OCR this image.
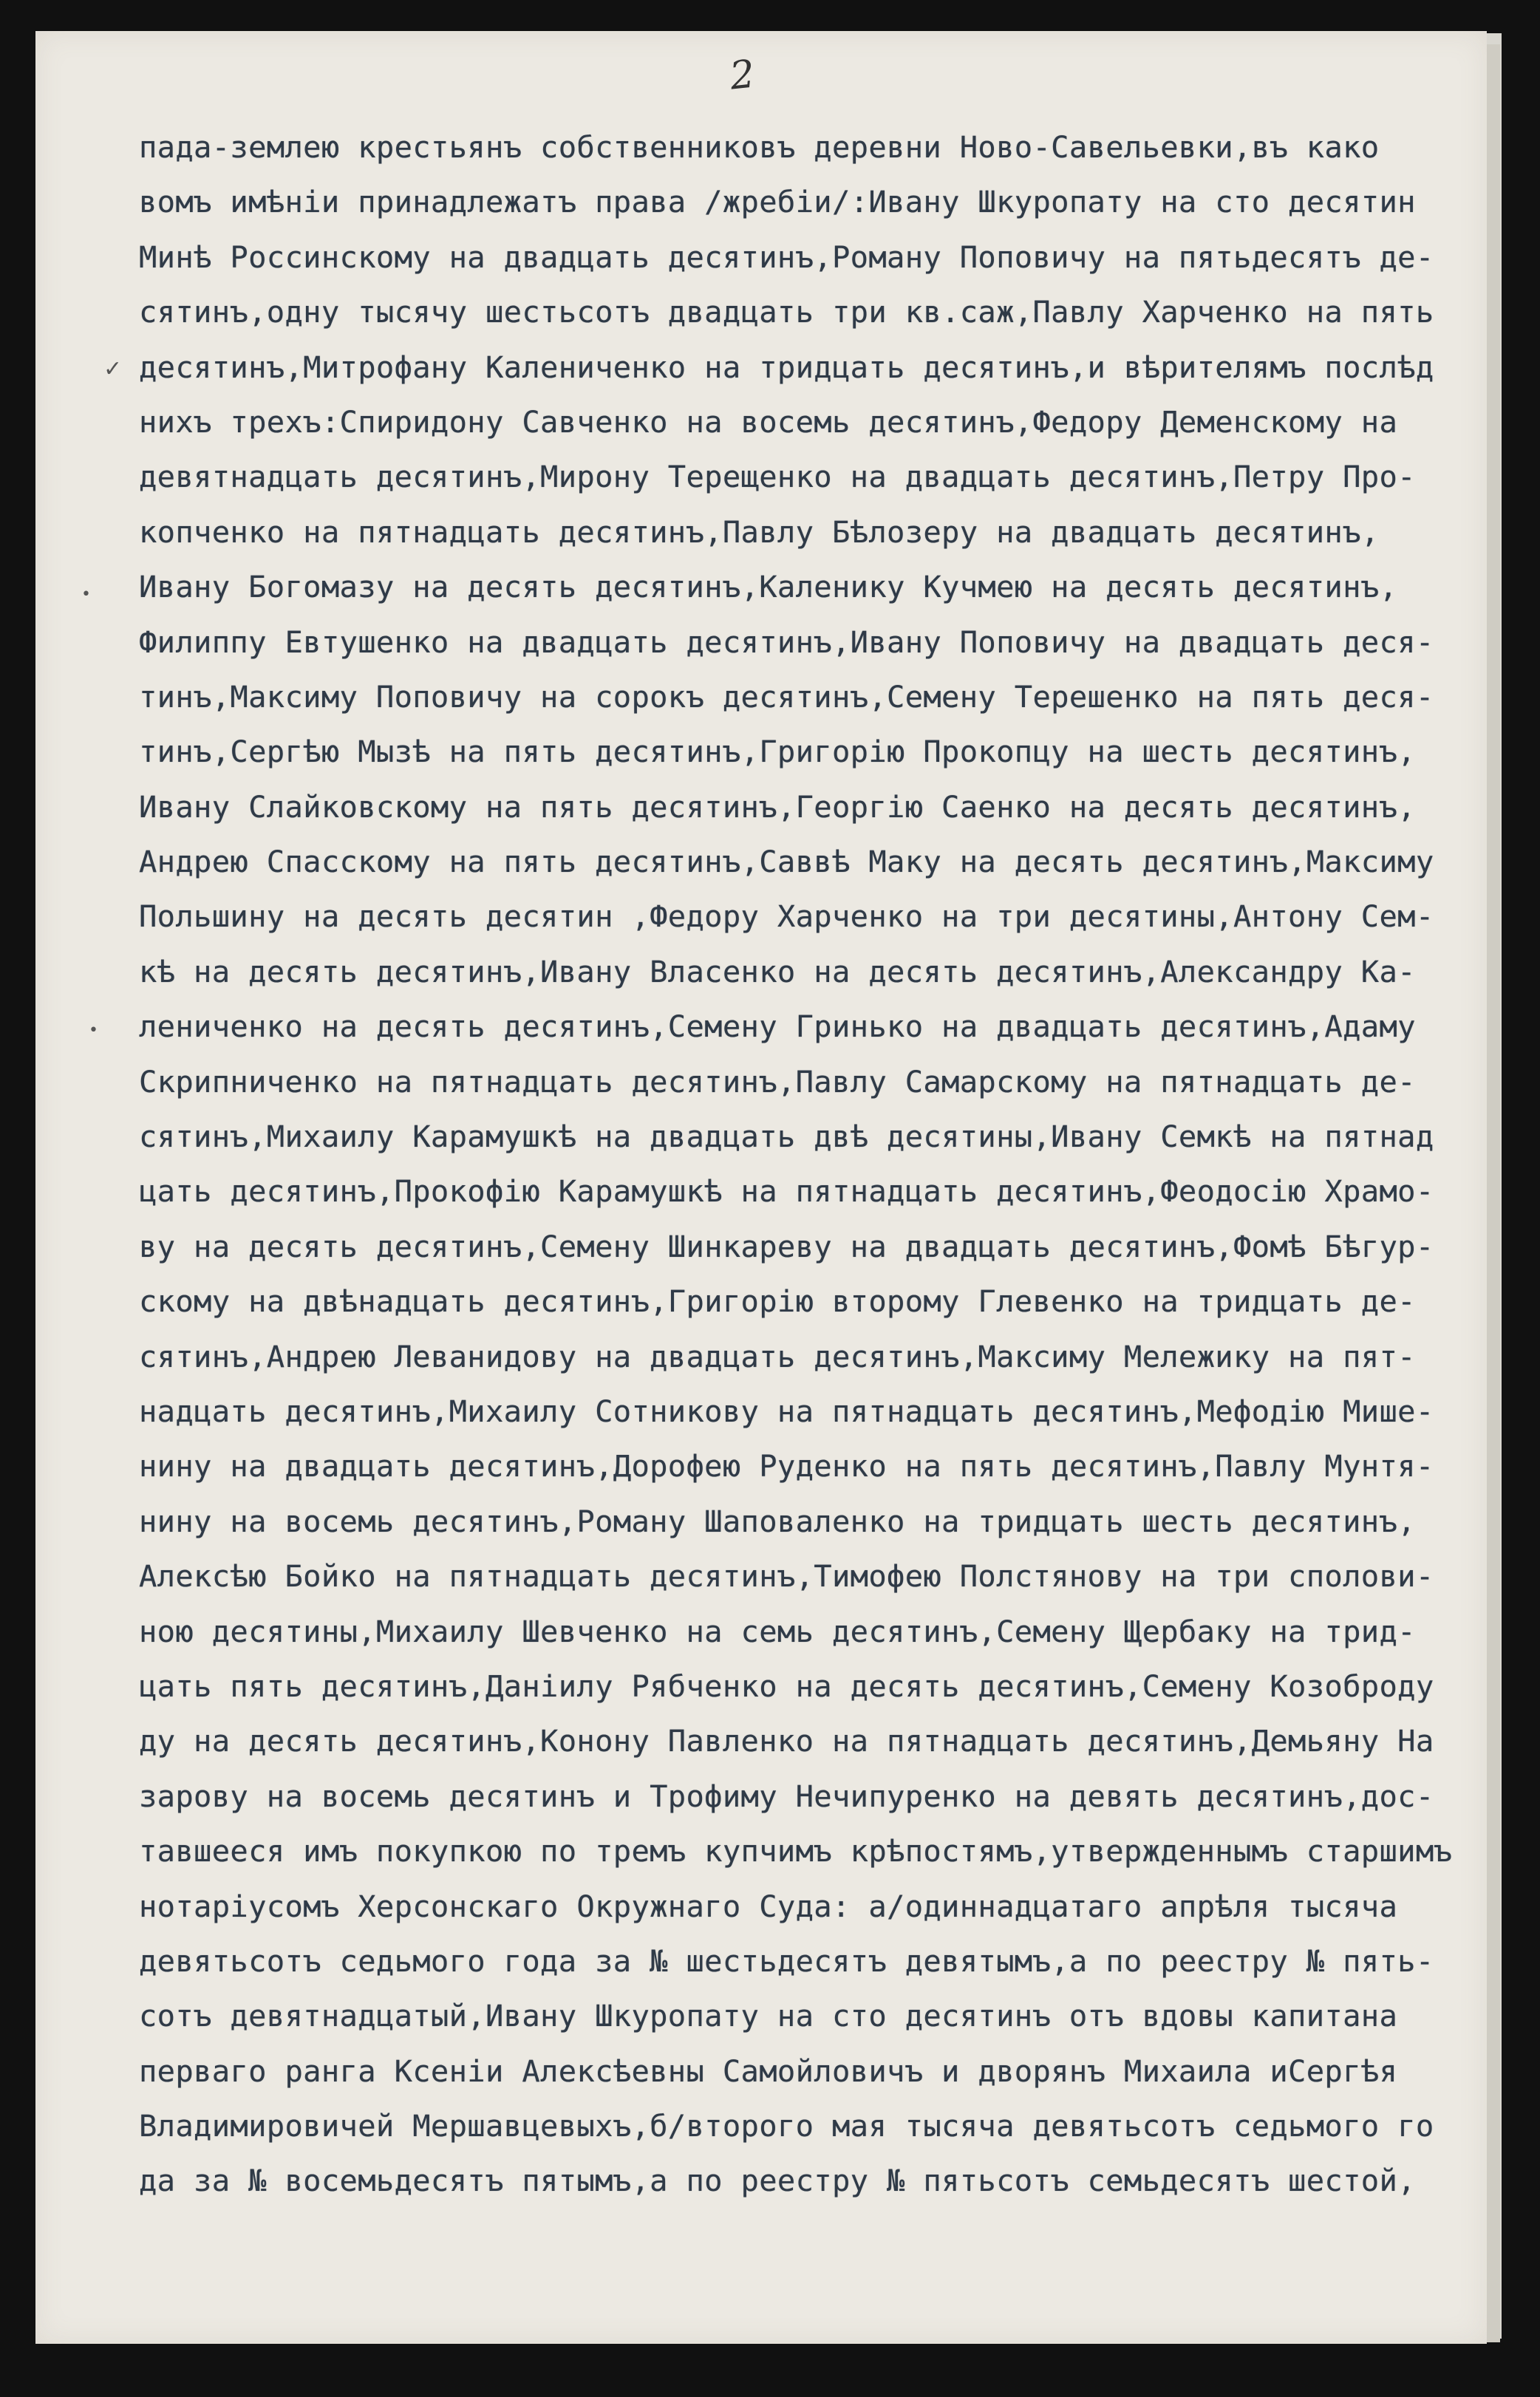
2
✓
•
•
пада-землею крестьянъ собственниковъ деревни Ново-Савельевки,въ како
вомъ имѣніи принадлежатъ права /жребіи/:Ивану Шкуропату на сто десятин
Минѣ Россинскому на двадцать десятинъ,Роману Поповичу на пятьдесятъ де-
сятинъ,одну тысячу шестьсотъ двадцать три кв.саж,Павлу Харченко на пять
десятинъ,Митрофану Калениченко на тридцать десятинъ,и вѣрителямъ послѣд
нихъ трехъ:Спиридону Савченко на восемь десятинъ,Федору Деменскому на
девятнадцать десятинъ,Мирону Терещенко на двадцать десятинъ,Петру Про-
копченко на пятнадцать десятинъ,Павлу Бѣлозеру на двадцать десятинъ,
Ивану Богомазу на десять десятинъ,Каленику Кучмею на десять десятинъ,
Филиппу Евтушенко на двадцать десятинъ,Ивану Поповичу на двадцать деся-
тинъ,Максиму Поповичу на сорокъ десятинъ,Семену Терешенко на пять деся-
тинъ,Сергѣю Мызѣ на пять десятинъ,Григорію Прокопцу на шесть десятинъ,
Ивану Слайковскому на пять десятинъ,Георгію Саенко на десять десятинъ,
Андрею Спасскому на пять десятинъ,Саввѣ Маку на десять десятинъ,Максиму
Польшину на десять десятин ,Федору Харченко на три десятины,Антону Сем-
кѣ на десять десятинъ,Ивану Власенко на десять десятинъ,Александру Ка-
лениченко на десять десятинъ,Семену Гринько на двадцать десятинъ,Адаму
Скрипниченко на пятнадцать десятинъ,Павлу Самарскому на пятнадцать де-
сятинъ,Михаилу Карамушкѣ на двадцать двѣ десятины,Ивану Семкѣ на пятнад
цать десятинъ,Прокофію Карамушкѣ на пятнадцать десятинъ,Феодосію Храмо-
ву на десять десятинъ,Семену Шинкареву на двадцать десятинъ,Фомѣ Бѣгур-
скому на двѣнадцать десятинъ,Григорію второму Глевенко на тридцать де-
сятинъ,Андрею Леванидову на двадцать десятинъ,Максиму Мележику на пят-
надцать десятинъ,Михаилу Сотникову на пятнадцать десятинъ,Мефодію Мише-
нину на двадцать десятинъ,Дорофею Руденко на пять десятинъ,Павлу Мунтя-
нину на восемь десятинъ,Роману Шаповаленко на тридцать шесть десятинъ,
Алексѣю Бойко на пятнадцать десятинъ,Тимофею Полстянову на три сполови-
ною десятины,Михаилу Шевченко на семь десятинъ,Семену Щербаку на трид-
цать пять десятинъ,Даніилу Рябченко на десять десятинъ,Семену Козоброду
ду на десять десятинъ,Конону Павленко на пятнадцать десятинъ,Демьяну На
зарову на восемь десятинъ и Трофиму Нечипуренко на девять десятинъ,дос-
тавшееся имъ покупкою по тремъ купчимъ крѣпостямъ,утвержденнымъ старшимъ
нотаріусомъ Херсонскаго Окружнаго Суда: а/одиннадцатаго апрѣля тысяча
девятьсотъ седьмого года за № шестьдесятъ девятымъ,а по реестру № пять-
сотъ девятнадцатый,Ивану Шкуропату на сто десятинъ отъ вдовы капитана
перваго ранга Ксеніи Алексѣевны Самойловичъ и дворянъ Михаила иСергѣя
Владимировичей Мершавцевыхъ,б/второго мая тысяча девятьсотъ седьмого го
да за № восемьдесятъ пятымъ,а по реестру № пятьсотъ семьдесятъ шестой,
